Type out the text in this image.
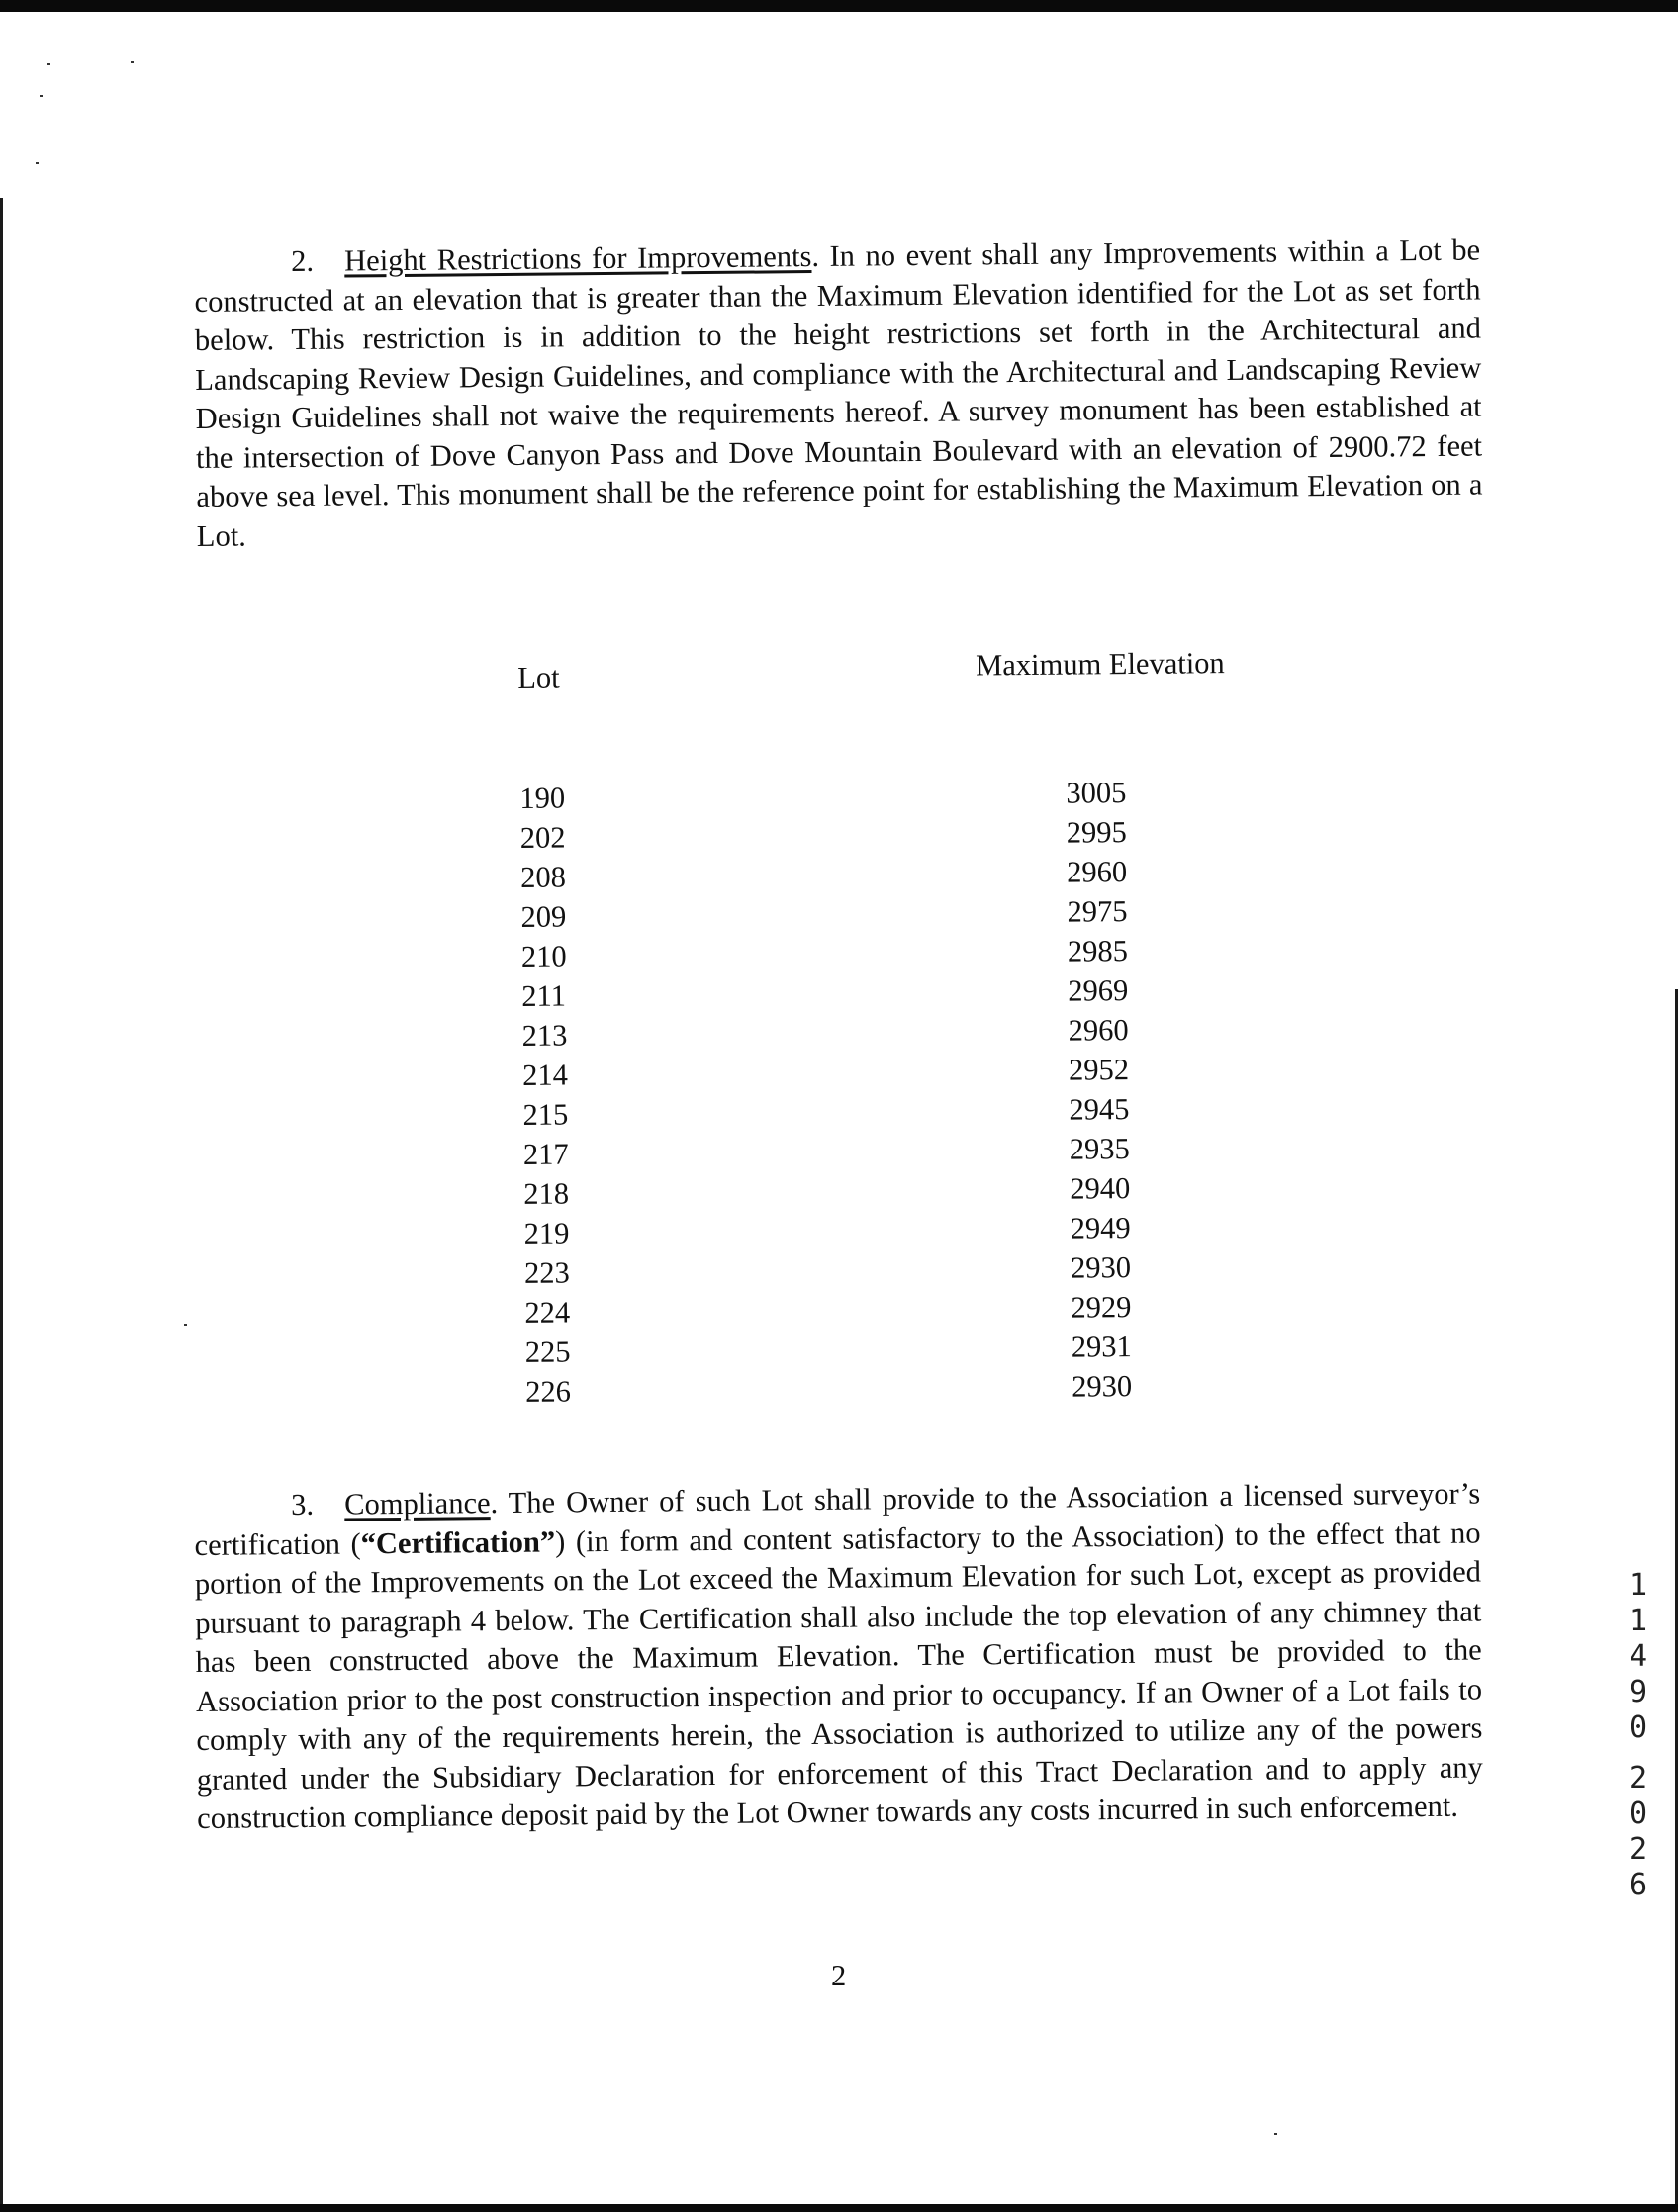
2. Height Restrictions for Improvements. In no event shall any Improvements within a Lot be constructed at an elevation that is greater than the Maximum Elevation identified for the Lot as set forth below. This restriction is in addition to the height restrictions set forth in the Architectural and Landscaping Review Design Guidelines, and compliance with the Architectural and Landscaping Review Design Guidelines shall not waive the requirements hereof. A survey monument has been established at the intersection of Dove Canyon Pass and Dove Mountain Boulevard with an elevation of 2900.72 feet above sea level. This monument shall be the reference point for establishing the Maximum Elevation on a Lot.

Lot	Maximum Elevation
190	3005
202	2995
208	2960
209	2975
210	2985
211	2969
213	2960
214	2952
215	2945
217	2935
218	2940
219	2949
223	2930
224	2929
225	2931
226	2930

3. Compliance. The Owner of such Lot shall provide to the Association a licensed surveyor’s certification (“Certification”) (in form and content satisfactory to the Association) to the effect that no portion of the Improvements on the Lot exceed the Maximum Elevation for such Lot, except as provided pursuant to paragraph 4 below. The Certification shall also include the top elevation of any chimney that has been constructed above the Maximum Elevation. The Certification must be provided to the Association prior to the post construction inspection and prior to occupancy. If an Owner of a Lot fails to comply with any of the requirements herein, the Association is authorized to utilize any of the powers granted under the Subsidiary Declaration for enforcement of this Tract Declaration and to apply any construction compliance deposit paid by the Lot Owner towards any costs incurred in such enforcement.

2
1
1
4
9
0
2
0
2
6
